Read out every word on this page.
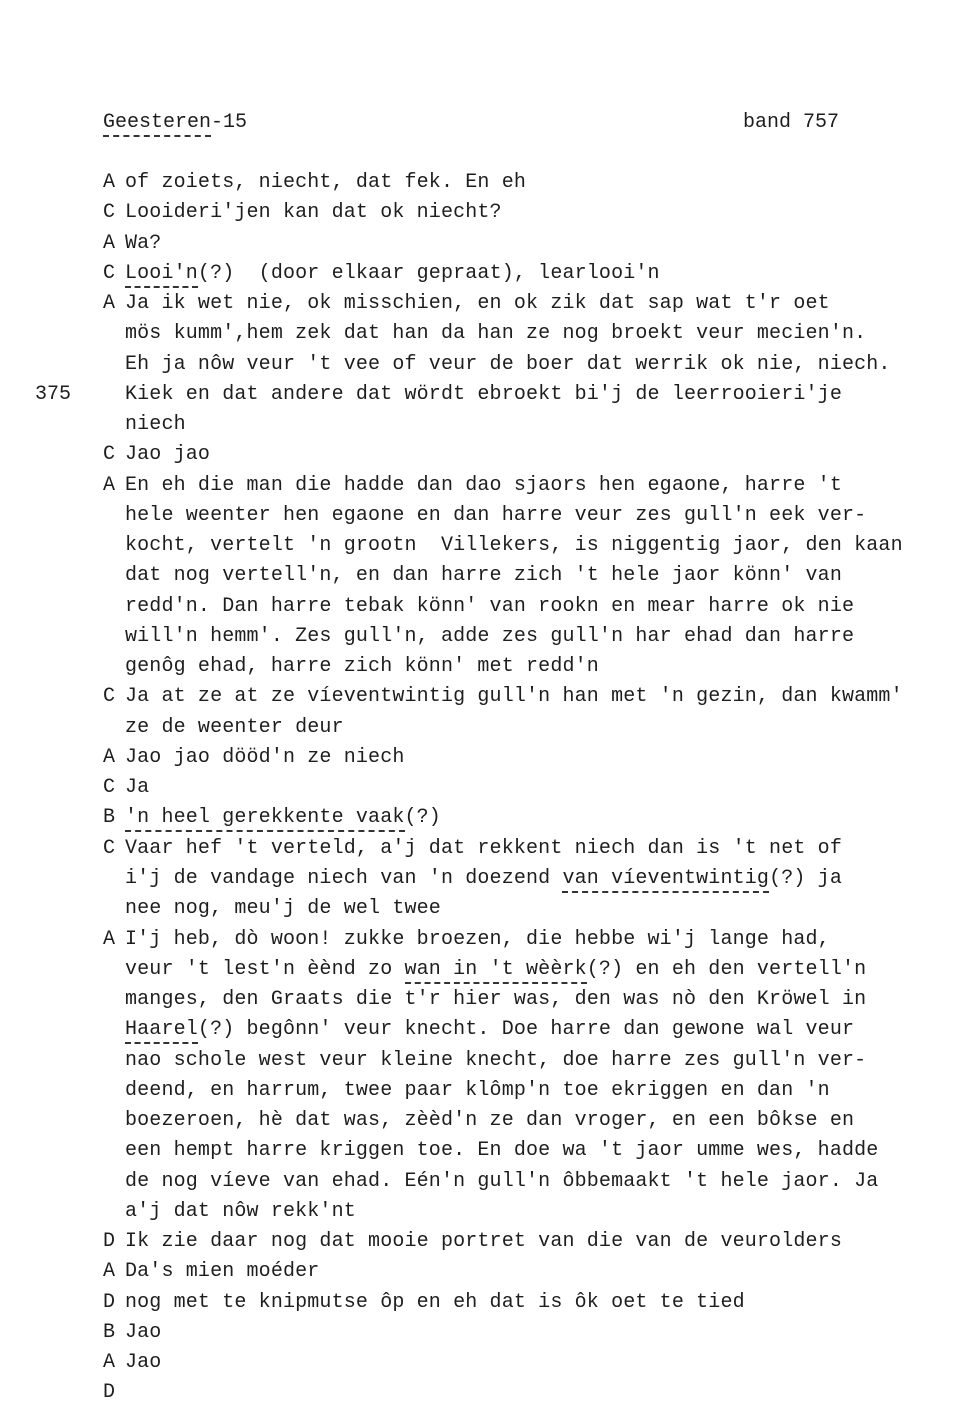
Geesteren-15	band 757
A of zoiets, niecht, dat fek. En eh
C Looideri'jen kan dat ok niecht?
A Wa?
C Looi'n(?)  (door elkaar gepraat), learlooi'n
A Ja ik wet nie, ok misschien, en ok zik dat sap wat t'r oet
mös kumm',hem zek dat han da han ze nog broekt veur mecien'n.
Eh ja nôw veur 't vee of veur de boer dat werrik ok nie, niech.
375	Kiek en dat andere dat wördt ebroekt bi'j de leerrooieri'je
niech
C Jao jao
A En eh die man die hadde dan dao sjaors hen egaone, harre 't
hele weenter hen egaone en dan harre veur zes gull'n eek ver-
kocht, vertelt 'n grootn  Villekers, is niggentig jaor, den kaan
dat nog vertell'n, en dan harre zich 't hele jaor könn' van
redd'n. Dan harre tebak könn' van rookn en mear harre ok nie
will'n hemm'. Zes gull'n, adde zes gull'n har ehad dan harre
genôg ehad, harre zich könn' met redd'n
C Ja at ze at ze víeventwintig gull'n han met 'n gezin, dan kwamm'
ze de weenter deur
A Jao jao dööd'n ze niech
C Ja
B 'n heel gerekkente vaak(?)
C Vaar hef 't verteld, a'j dat rekkent niech dan is 't net of
i'j de vandage niech van 'n doezend van víeventwintig(?) ja
nee nog, meu'j de wel twee
A I'j heb, dò woon! zukke broezen, die hebbe wi'j lange had,
veur 't lest'n èènd zo wan in 't wèèrk(?) en eh den vertell'n
manges, den Graats die t'r hier was, den was nò den Kröwel in
Haarel(?) begônn' veur knecht. Doe harre dan gewone wal veur
nao schole west veur kleine knecht, doe harre zes gull'n ver-
deend, en harrum, twee paar klômp'n toe ekriggen en dan 'n
boezeroen, hè dat was, zèèd'n ze dan vroger, en een bôkse en
een hempt harre kriggen toe. En doe wa 't jaor umme wes, hadde
de nog víeve van ehad. Eén'n gull'n ôbbemaakt 't hele jaor. Ja
a'j dat nôw rekk'nt
D Ik zie daar nog dat mooie portret van die van de veurolders
A Da's mien moéder
D nog met te knipmutse ôp en eh dat is ôk oet te tied
B Jao
A Jao
D
